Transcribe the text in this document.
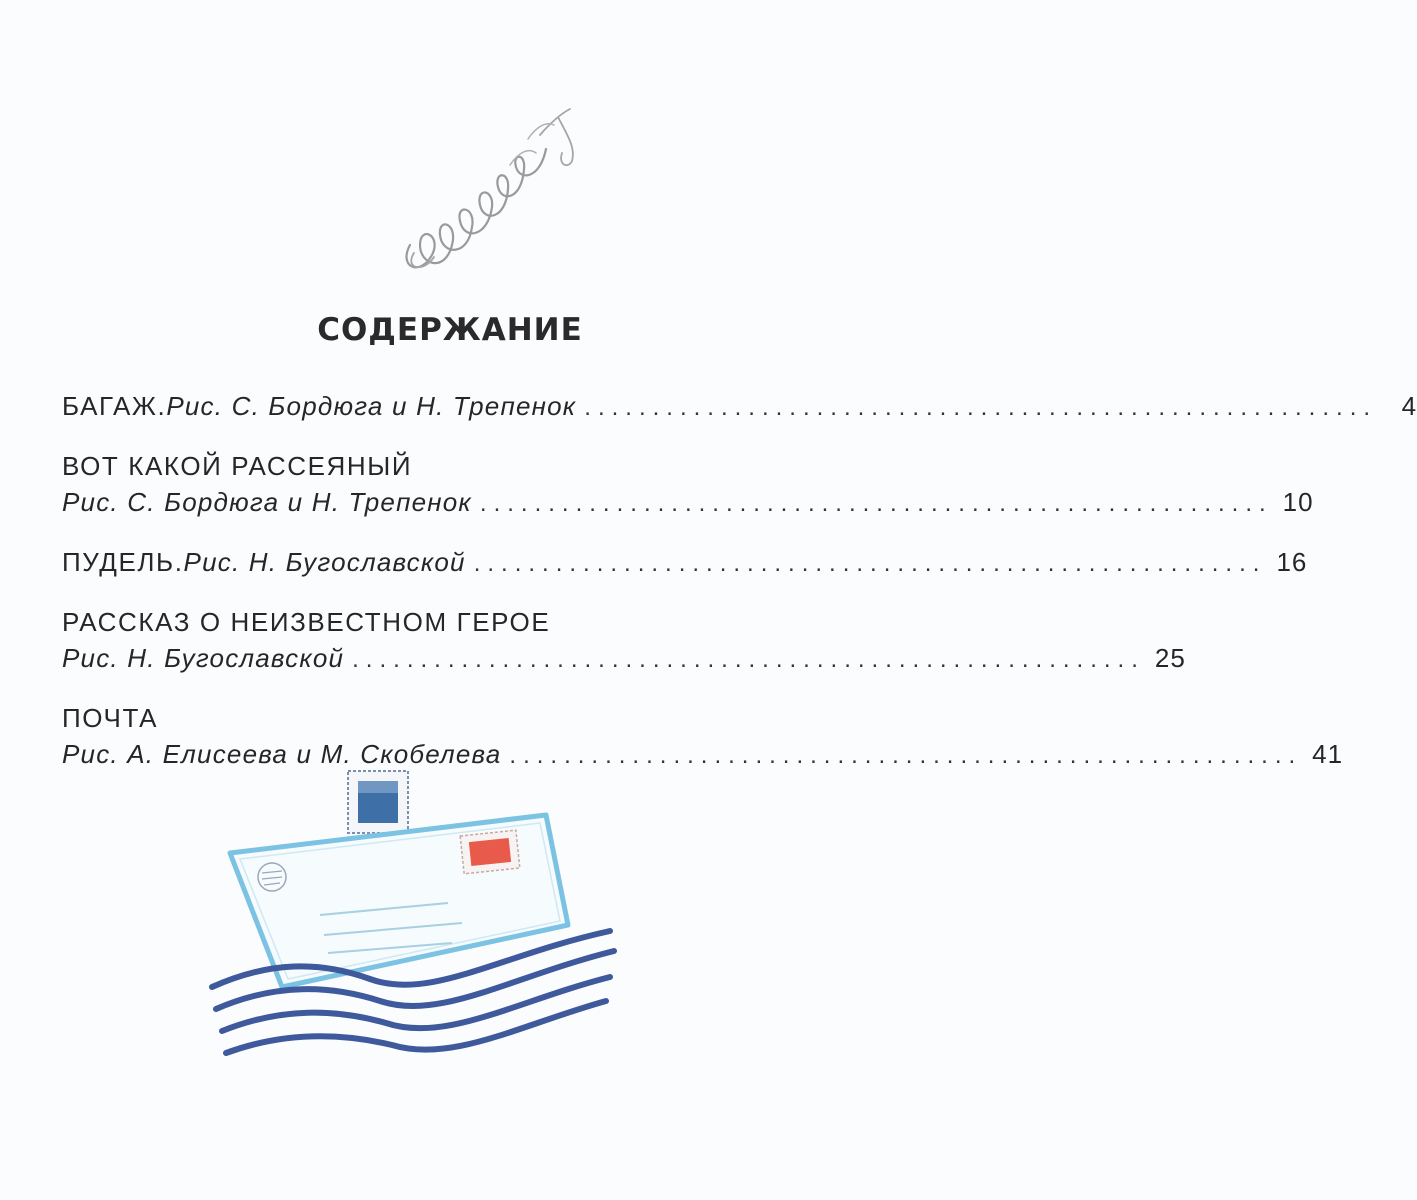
СОДЕРЖАНИЕ
БАГАЖ. Рис. С. Бордюга и Н. Трепенок .......................................................... 4
ВОТ КАКОЙ РАССЕЯНЫЙ
Рис. С. Бордюга и Н. Трепенок .......................................................... 10
ПУДЕЛЬ. Рис. Н. Бугославской .......................................................... 16
РАССКАЗ О НЕИЗВЕСТНОМ ГЕРОЕ
Рис. Н. Бугославской .......................................................... 25
ПОЧТА
Рис. А. Елисеева и М. Скобелева .......................................................... 41
